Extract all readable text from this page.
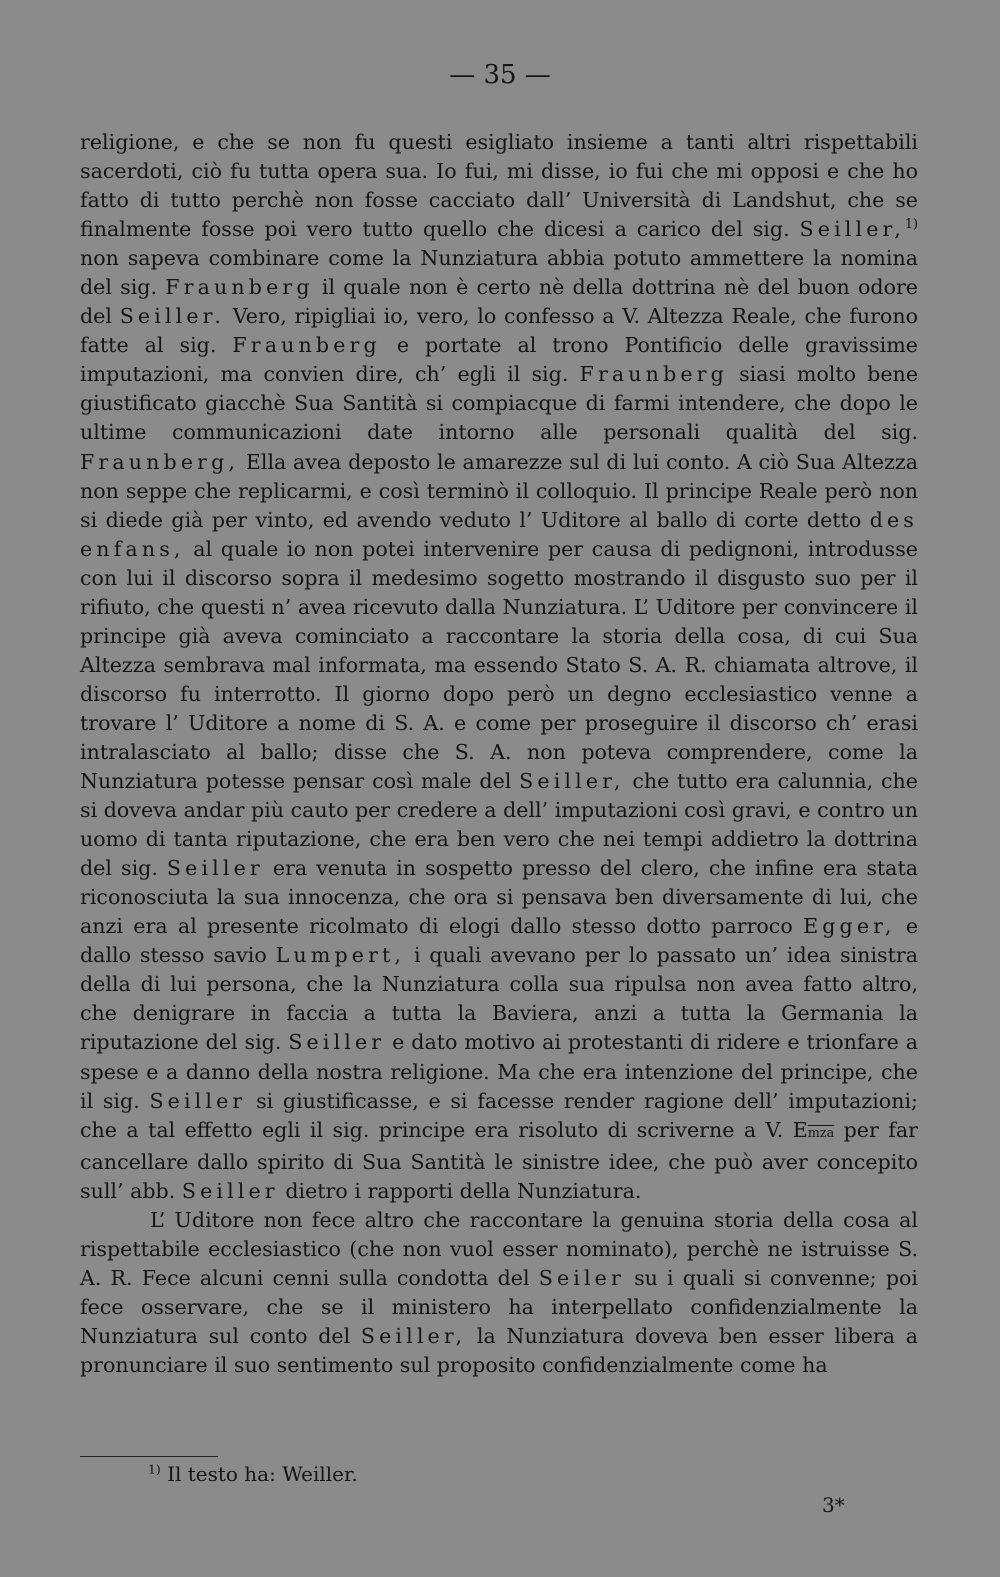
— 35 —

religione, e che se non fu questi esigliato insieme a tanti altri rispettabili sacerdoti, ciò fu tutta opera sua. Io fui, mi disse, io fui che mi opposi e che ho fatto di tutto perchè non fosse cacciato dall’ Università di Landshut, che se finalmente fosse poi vero tutto quello che dicesi a carico del sig. Seiller,$^{1)}$ non sapeva combinare come la Nunziatura abbia potuto ammettere la nomina del sig. Fraunberg il quale non è certo nè della dottrina nè del buon odore del Seiller. Vero, ripigliai io, vero, lo confesso a V. Altezza Reale, che furono fatte al sig. Fraunberg e portate al trono Pontificio delle gravissime imputazioni, ma convien dire, ch’ egli il sig. Fraunberg siasi molto bene giustificato giacchè Sua Santità si compiacque di farmi intendere, che dopo le ultime communicazioni date intorno alle personali qualità del sig. Fraunberg, Ella avea deposto le amarezze sul di lui conto. A ciò Sua Altezza non seppe che replicarmi, e così terminò il colloquio. Il principe Reale però non si diede già per vinto, ed avendo veduto l’ Uditore al ballo di corte detto des enfans, al quale io non potei intervenire per causa di pedignoni, introdusse con lui il discorso sopra il medesimo sogetto mostrando il disgusto suo per il rifiuto, che questi n’ avea ricevuto dalla Nunziatura. L’ Uditore per convincere il principe già aveva cominciato a raccontare la storia della cosa, di cui Sua Altezza sembrava mal informata, ma essendo Stato S. A. R. chiamata altrove, il discorso fu interrotto. Il giorno dopo però un degno ecclesiastico venne a trovare l’ Uditore a nome di S. A. e come per proseguire il discorso ch’ erasi intralasciato al ballo; disse che S. A. non poteva comprendere, come la Nunziatura potesse pensar così male del Seiller, che tutto era calunnia, che si doveva andar più cauto per credere a dell’ imputazioni così gravi, e contro un uomo di tanta riputazione, che era ben vero che nei tempi addietro la dottrina del sig. Seiller era venuta in sospetto presso del clero, che infine era stata riconosciuta la sua innocenza, che ora si pensava ben diversamente di lui, che anzi era al presente ricolmato di elogi dallo stesso dotto parroco Egger, e dallo stesso savio Lumpert, i quali avevano per lo passato un’ idea sinistra della di lui persona, che la Nunziatura colla sua ripulsa non avea fatto altro, che denigrare in faccia a tutta la Baviera, anzi a tutta la Germania la riputazione del sig. Seiller e dato motivo ai protestanti di ridere e trionfare a spese e a danno della nostra religione. Ma che era intenzione del principe, che il sig. Seiller si giustificasse, e si facesse render ragione dell’ imputazioni; che a tal effetto egli il sig. principe era risoluto di scriverne a V. $E\overline{mza}$ per far cancellare dallo spirito di Sua Santità le sinistre idee, che può aver concepito sull’ abb. Seiller dietro i rapporti della Nunziatura.

L’ Uditore non fece altro che raccontare la genuina storia della cosa al rispettabile ecclesiastico (che non vuol esser nominato), perchè ne istruisse S. A. R. Fece alcuni cenni sulla condotta del Seiler su i quali si convenne; poi fece osservare, che se il ministero ha interpellato confidenzialmente la Nunziatura sul conto del Seiller, la Nunziatura doveva ben esser libera a pronunciare il suo sentimento sul proposito confidenzialmente come ha

$^{1)}$ Il testo ha: Weiller.
3*
